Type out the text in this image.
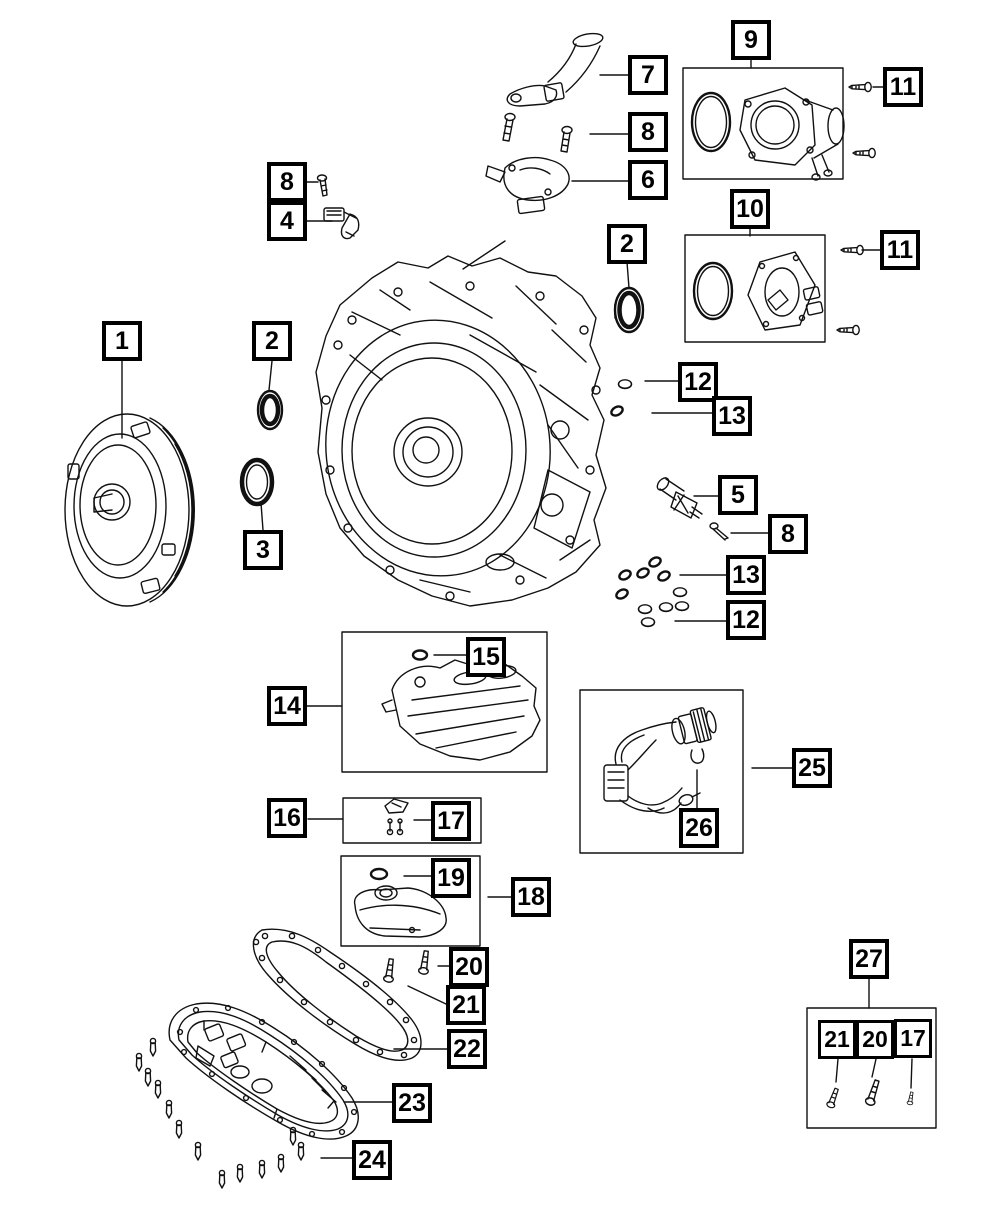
7
8
6
9
11
10
11
8
4
1	2
3
2
12
13
5
8
13
12
14
15
16	17
19
18
20
21
22
23
24
25
26
27
21 20 17
